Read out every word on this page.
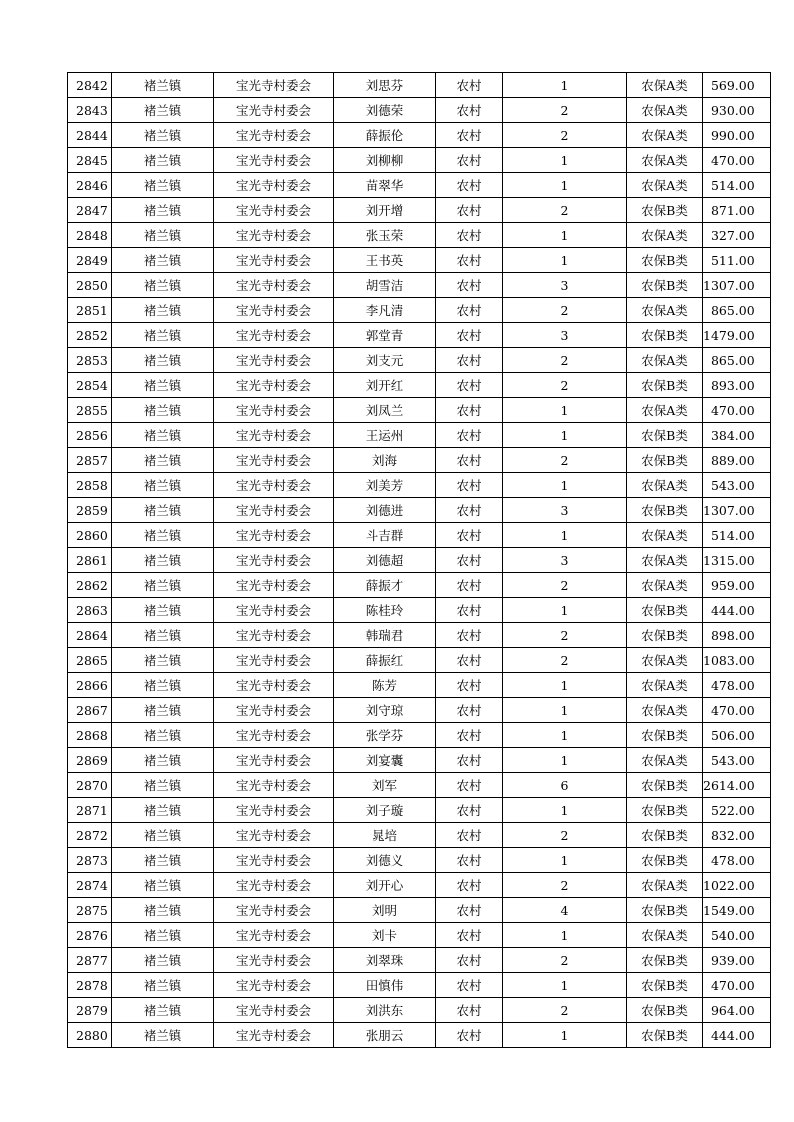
2842	褚兰镇	宝光寺村委会	刘思芬	农村	1	农保A类	569.00
2843	褚兰镇	宝光寺村委会	刘德荣	农村	2	农保A类	930.00
2844	褚兰镇	宝光寺村委会	薛振伦	农村	2	农保A类	990.00
2845	褚兰镇	宝光寺村委会	刘柳柳	农村	1	农保A类	470.00
2846	褚兰镇	宝光寺村委会	苗翠华	农村	1	农保A类	514.00
2847	褚兰镇	宝光寺村委会	刘开增	农村	2	农保B类	871.00
2848	褚兰镇	宝光寺村委会	张玉荣	农村	1	农保A类	327.00
2849	褚兰镇	宝光寺村委会	王书英	农村	1	农保B类	511.00
2850	褚兰镇	宝光寺村委会	胡雪洁	农村	3	农保B类	1307.00
2851	褚兰镇	宝光寺村委会	李凡清	农村	2	农保A类	865.00
2852	褚兰镇	宝光寺村委会	郭堂青	农村	3	农保B类	1479.00
2853	褚兰镇	宝光寺村委会	刘支元	农村	2	农保A类	865.00
2854	褚兰镇	宝光寺村委会	刘开红	农村	2	农保B类	893.00
2855	褚兰镇	宝光寺村委会	刘凤兰	农村	1	农保A类	470.00
2856	褚兰镇	宝光寺村委会	王运州	农村	1	农保B类	384.00
2857	褚兰镇	宝光寺村委会	刘海	农村	2	农保B类	889.00
2858	褚兰镇	宝光寺村委会	刘美芳	农村	1	农保A类	543.00
2859	褚兰镇	宝光寺村委会	刘德进	农村	3	农保B类	1307.00
2860	褚兰镇	宝光寺村委会	斗吉群	农村	1	农保A类	514.00
2861	褚兰镇	宝光寺村委会	刘德超	农村	3	农保A类	1315.00
2862	褚兰镇	宝光寺村委会	薛振才	农村	2	农保A类	959.00
2863	褚兰镇	宝光寺村委会	陈桂玲	农村	1	农保B类	444.00
2864	褚兰镇	宝光寺村委会	韩瑞君	农村	2	农保B类	898.00
2865	褚兰镇	宝光寺村委会	薛振红	农村	2	农保A类	1083.00
2866	褚兰镇	宝光寺村委会	陈芳	农村	1	农保A类	478.00
2867	褚兰镇	宝光寺村委会	刘守琼	农村	1	农保A类	470.00
2868	褚兰镇	宝光寺村委会	张学芬	农村	1	农保B类	506.00
2869	褚兰镇	宝光寺村委会	刘宴囊	农村	1	农保A类	543.00
2870	褚兰镇	宝光寺村委会	刘军	农村	6	农保B类	2614.00
2871	褚兰镇	宝光寺村委会	刘子璇	农村	1	农保B类	522.00
2872	褚兰镇	宝光寺村委会	晁培	农村	2	农保B类	832.00
2873	褚兰镇	宝光寺村委会	刘德义	农村	1	农保B类	478.00
2874	褚兰镇	宝光寺村委会	刘开心	农村	2	农保A类	1022.00
2875	褚兰镇	宝光寺村委会	刘明	农村	4	农保B类	1549.00
2876	褚兰镇	宝光寺村委会	刘卡	农村	1	农保A类	540.00
2877	褚兰镇	宝光寺村委会	刘翠珠	农村	2	农保B类	939.00
2878	褚兰镇	宝光寺村委会	田慎伟	农村	1	农保B类	470.00
2879	褚兰镇	宝光寺村委会	刘洪东	农村	2	农保B类	964.00
2880	褚兰镇	宝光寺村委会	张朋云	农村	1	农保B类	444.00
